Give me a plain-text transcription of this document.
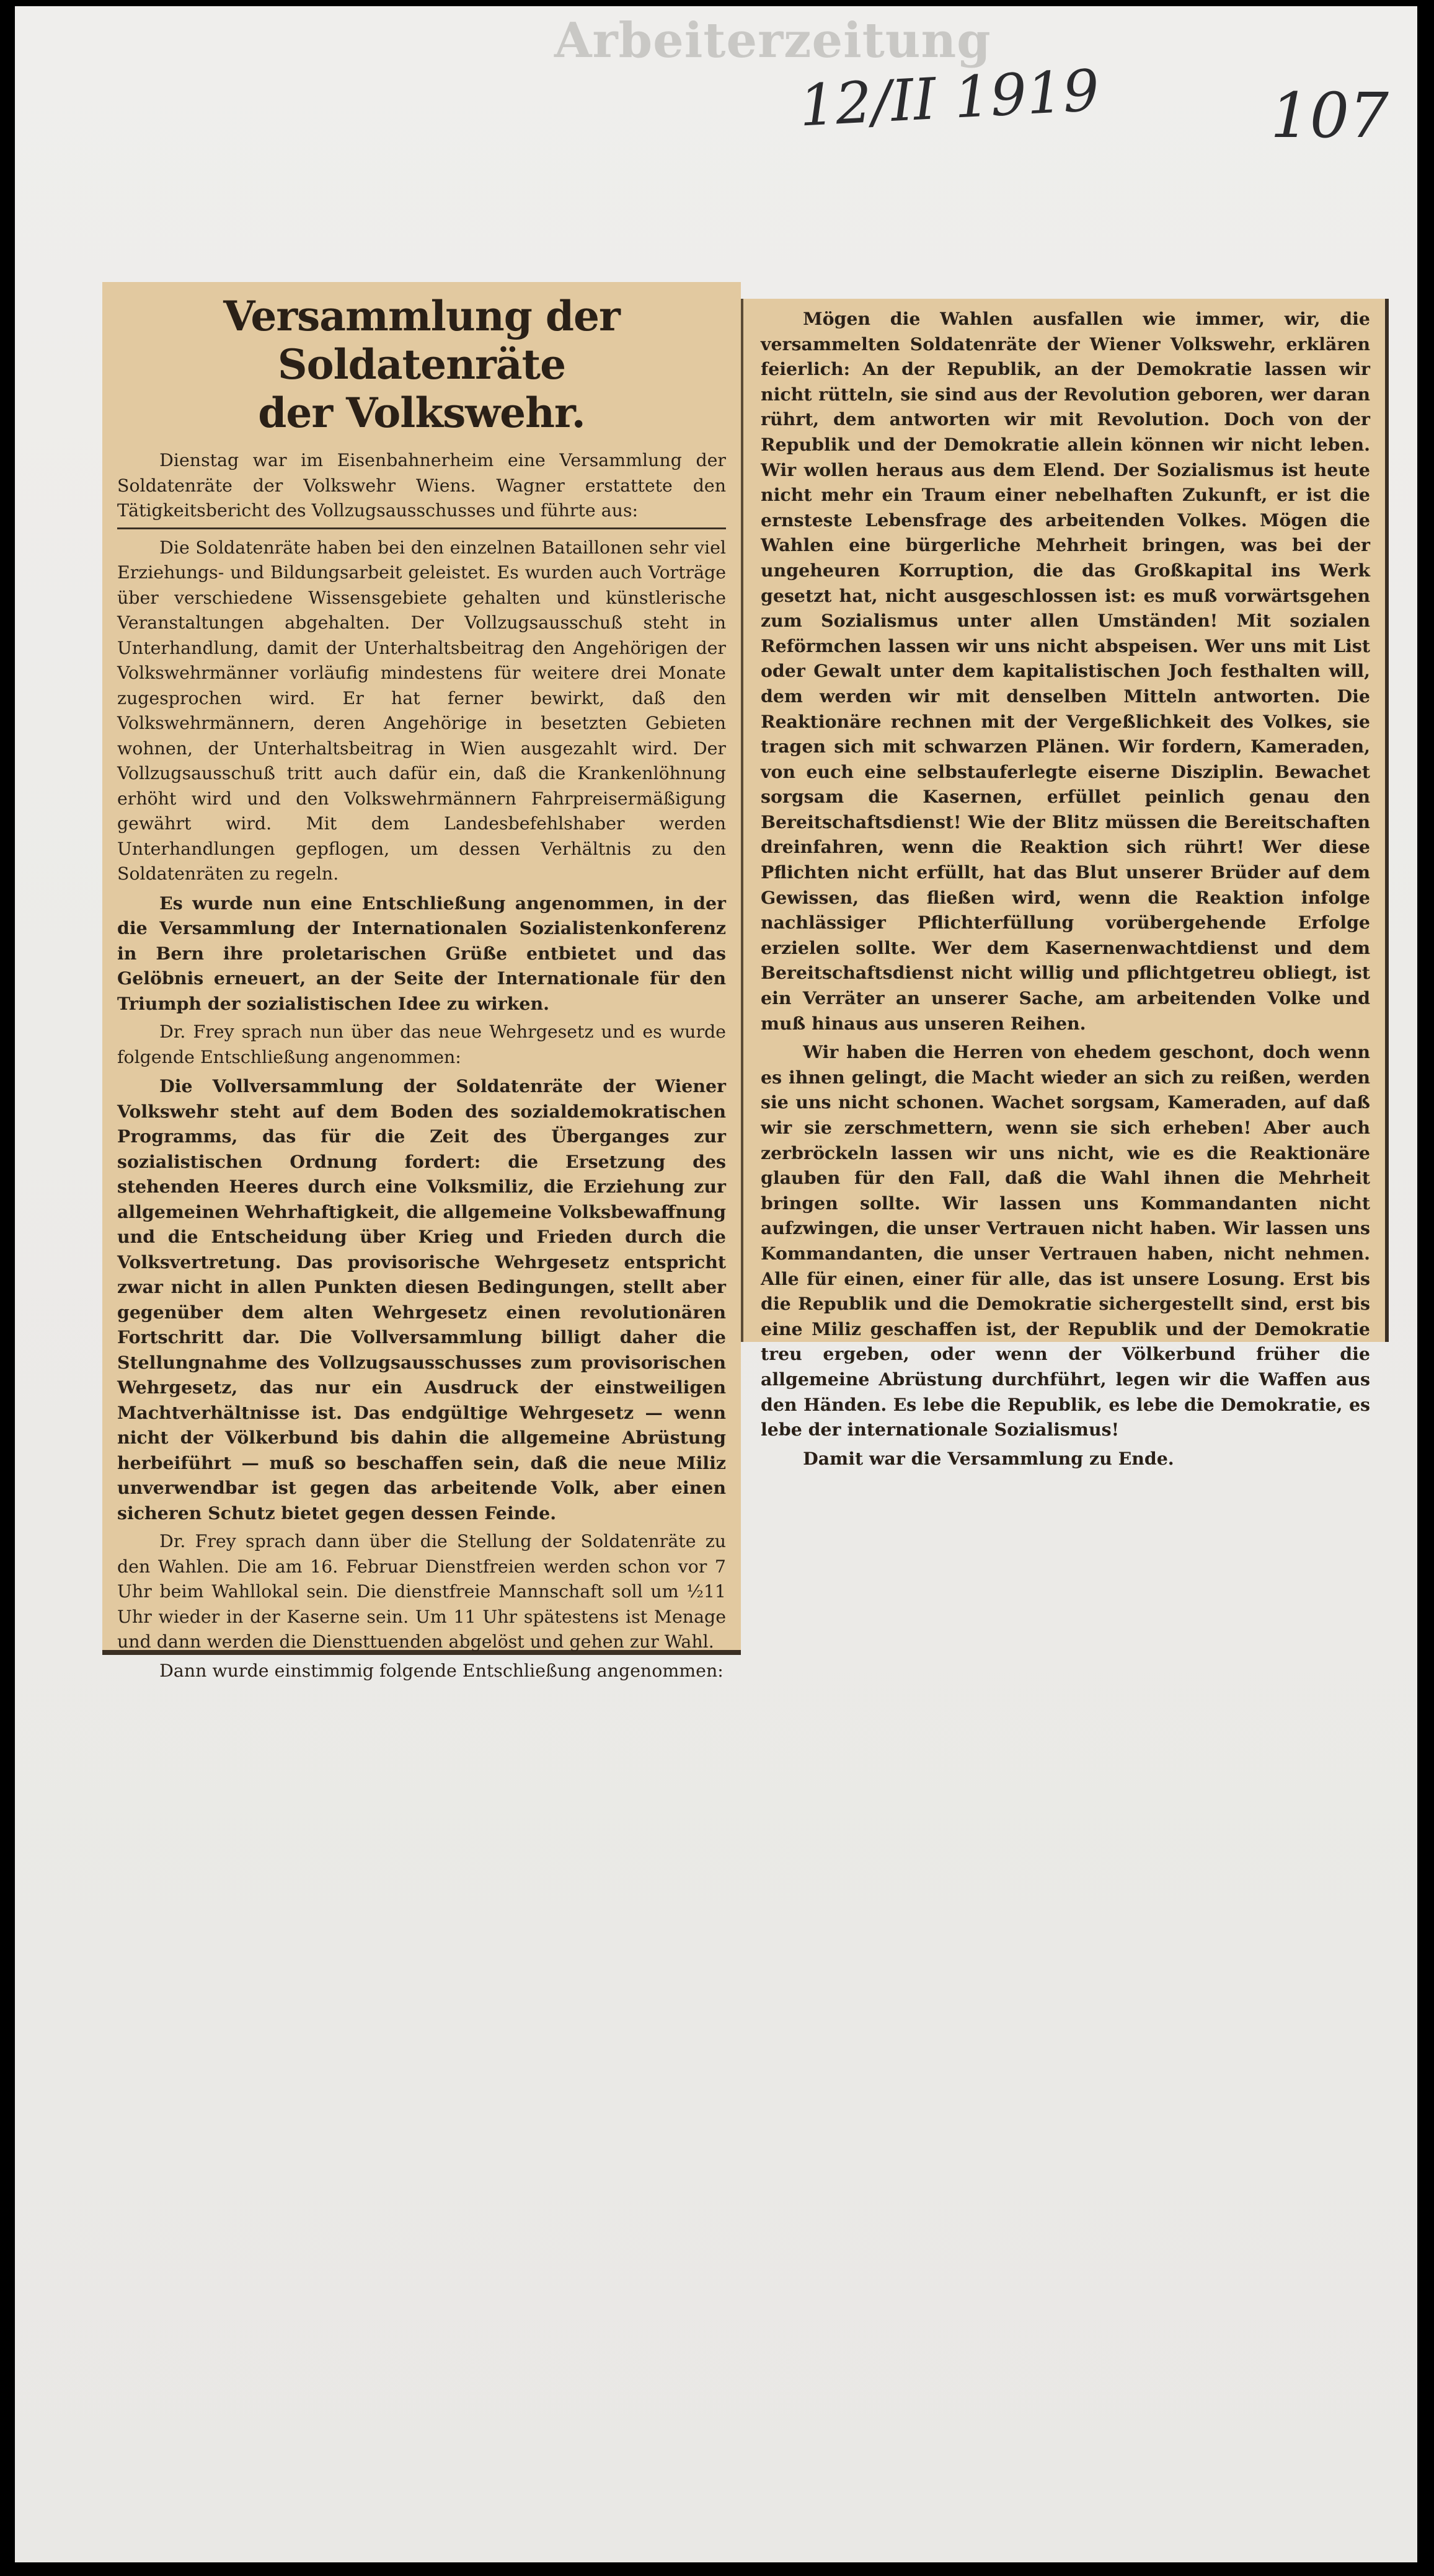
Arbeiterzeitung
12/II 1919	107
Versammlung der Soldatenräte
der Volkswehr.

Dienstag war im Eisenbahnerheim eine Versammlung der Soldatenräte der Volkswehr Wiens. Wagner erstattete den Tätigkeitsbericht des Vollzugsausschusses und führte aus:

Die Soldatenräte haben bei den einzelnen Bataillonen sehr viel Erziehungs- und Bildungsarbeit geleistet. Es wurden auch Vorträge über verschiedene Wissensgebiete gehalten und künstlerische Veranstaltungen abgehalten. Der Vollzugsausschuß steht in Unterhandlung, damit der Unterhaltsbeitrag den Angehörigen der Volkswehrmänner vorläufig mindestens für weitere drei Monate zugesprochen wird. Er hat ferner bewirkt, daß den Volkswehrmännern, deren Angehörige in besetzten Gebieten wohnen, der Unterhaltsbeitrag in Wien ausgezahlt wird. Der Vollzugsausschuß tritt auch dafür ein, daß die Krankenlöhnung erhöht wird und den Volkswehrmännern Fahrpreisermäßigung gewährt wird. Mit dem Landesbefehlshaber werden Unterhandlungen gepflogen, um dessen Verhältnis zu den Soldatenräten zu regeln.

Es wurde nun eine Entschließung angenommen, in der die Versammlung der Internationalen Sozialistenkonferenz in Bern ihre proletarischen Grüße entbietet und das Gelöbnis erneuert, an der Seite der Internationale für den Triumph der sozialistischen Idee zu wirken.

Dr. Frey sprach nun über das neue Wehrgesetz und es wurde folgende Entschließung angenommen:

Die Vollversammlung der Soldatenräte der Wiener Volkswehr steht auf dem Boden des sozialdemokratischen Programms, das für die Zeit des Überganges zur sozialistischen Ordnung fordert: die Ersetzung des stehenden Heeres durch eine Volksmiliz, die Erziehung zur allgemeinen Wehrhaftigkeit, die allgemeine Volksbewaffnung und die Entscheidung über Krieg und Frieden durch die Volksvertretung. Das provisorische Wehrgesetz entspricht zwar nicht in allen Punkten diesen Bedingungen, stellt aber gegenüber dem alten Wehrgesetz einen revolutionären Fortschritt dar. Die Vollversammlung billigt daher die Stellungnahme des Vollzugsausschusses zum provisorischen Wehrgesetz, das nur ein Ausdruck der einstweiligen Machtverhältnisse ist. Das endgültige Wehrgesetz — wenn nicht der Völkerbund bis dahin die allgemeine Abrüstung herbeiführt — muß so beschaffen sein, daß die neue Miliz unverwendbar ist gegen das arbeitende Volk, aber einen sicheren Schutz bietet gegen dessen Feinde.

Dr. Frey sprach dann über die Stellung der Soldatenräte zu den Wahlen. Die am 16. Februar Dienstfreien werden schon vor 7 Uhr beim Wahllokal sein. Die dienstfreie Mannschaft soll um ½11 Uhr wieder in der Kaserne sein. Um 11 Uhr spätestens ist Menage und dann werden die Diensttuenden abgelöst und gehen zur Wahl.

Dann wurde einstimmig folgende Entschließung angenommen:

Mögen die Wahlen ausfallen wie immer, wir, die versammelten Soldatenräte der Wiener Volkswehr, erklären feierlich: An der Republik, an der Demokratie lassen wir nicht rütteln, sie sind aus der Revolution geboren, wer daran rührt, dem antworten wir mit Revolution. Doch von der Republik und der Demokratie allein können wir nicht leben. Wir wollen heraus aus dem Elend. Der Sozialismus ist heute nicht mehr ein Traum einer nebelhaften Zukunft, er ist die ernsteste Lebensfrage des arbeitenden Volkes. Mögen die Wahlen eine bürgerliche Mehrheit bringen, was bei der ungeheuren Korruption, die das Großkapital ins Werk gesetzt hat, nicht ausgeschlossen ist: es muß vorwärtsgehen zum Sozialismus unter allen Umständen! Mit sozialen Reförmchen lassen wir uns nicht abspeisen. Wer uns mit List oder Gewalt unter dem kapitalistischen Joch festhalten will, dem werden wir mit denselben Mitteln antworten. Die Reaktionäre rechnen mit der Vergeßlichkeit des Volkes, sie tragen sich mit schwarzen Plänen. Wir fordern, Kameraden, von euch eine selbstauferlegte eiserne Disziplin. Bewachet sorgsam die Kasernen, erfüllet peinlich genau den Bereitschaftsdienst! Wie der Blitz müssen die Bereitschaften dreinfahren, wenn die Reaktion sich rührt! Wer diese Pflichten nicht erfüllt, hat das Blut unserer Brüder auf dem Gewissen, das fließen wird, wenn die Reaktion infolge nachlässiger Pflichterfüllung vorübergehende Erfolge erzielen sollte. Wer dem Kasernenwachtdienst und dem Bereitschaftsdienst nicht willig und pflichtgetreu obliegt, ist ein Verräter an unserer Sache, am arbeitenden Volke und muß hinaus aus unseren Reihen.

Wir haben die Herren von ehedem geschont, doch wenn es ihnen gelingt, die Macht wieder an sich zu reißen, werden sie uns nicht schonen. Wachet sorgsam, Kameraden, auf daß wir sie zerschmettern, wenn sie sich erheben! Aber auch zerbröckeln lassen wir uns nicht, wie es die Reaktionäre glauben für den Fall, daß die Wahl ihnen die Mehrheit bringen sollte. Wir lassen uns Kommandanten nicht aufzwingen, die unser Vertrauen nicht haben. Wir lassen uns Kommandanten, die unser Vertrauen haben, nicht nehmen. Alle für einen, einer für alle, das ist unsere Losung. Erst bis die Republik und die Demokratie sichergestellt sind, erst bis eine Miliz geschaffen ist, der Republik und der Demokratie treu ergeben, oder wenn der Völkerbund früher die allgemeine Abrüstung durchführt, legen wir die Waffen aus den Händen. Es lebe die Republik, es lebe die Demokratie, es lebe der internationale Sozialismus!

Damit war die Versammlung zu Ende.
